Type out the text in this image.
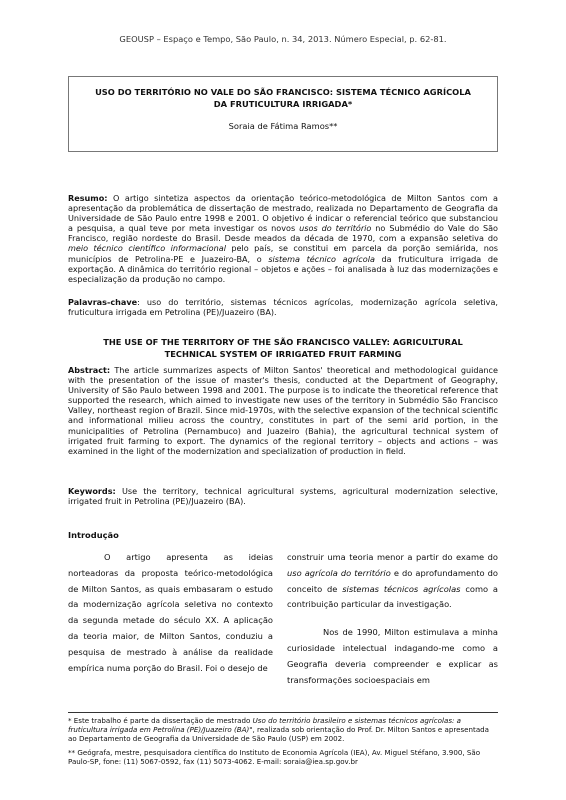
GEOUSP – Espaço e Tempo, São Paulo, n. 34, 2013. Número Especial, p. 62-81.
USO DO TERRITÓRIO NO VALE DO SÃO FRANCISCO: SISTEMA TÉCNICO AGRÍCOLA
DA FRUTICULTURA IRRIGADA*
Soraia de Fátima Ramos**
Resumo: O artigo sintetiza aspectos da orientação teórico-metodológica de Milton Santos com a apresentação da problemática de dissertação de mestrado, realizada no Departamento de Geografia da Universidade de São Paulo entre 1998 e 2001. O objetivo é indicar o referencial teórico que substanciou a pesquisa, a qual teve por meta investigar os novos usos do território no Submédio do Vale do São Francisco, região nordeste do Brasil. Desde meados da década de 1970, com a expansão seletiva do meio técnico científico informacional pelo país, se constitui em parcela da porção semiárida, nos municípios de Petrolina-PE e Juazeiro-BA, o sistema técnico agrícola da fruticultura irrigada de exportação. A dinâmica do território regional – objetos e ações – foi analisada à luz das modernizações e especialização da produção no campo.
Palavras-chave: uso do território, sistemas técnicos agrícolas, modernização agrícola seletiva, fruticultura irrigada em Petrolina (PE)/Juazeiro (BA).
THE USE OF THE TERRITORY OF THE SÃO FRANCISCO VALLEY: AGRICULTURAL
TECHNICAL SYSTEM OF IRRIGATED FRUIT FARMING
Abstract: The article summarizes aspects of Milton Santos' theoretical and methodological guidance with the presentation of the issue of master's thesis, conducted at the Department of Geography, University of São Paulo between 1998 and 2001. The purpose is to indicate the theoretical reference that supported the research, which aimed to investigate new uses of the territory in Submédio São Francisco Valley, northeast region of Brazil. Since mid-1970s, with the selective expansion of the technical scientific and informational milieu across the country, constitutes in part of the semi arid portion, in the municipalities of Petrolina (Pernambuco) and Juazeiro (Bahia), the agricultural technical system of irrigated fruit farming to export. The dynamics of the regional territory – objects and actions – was examined in the light of the modernization and specialization of production in field.
Keywords: Use the territory, technical agricultural systems, agricultural modernization selective, irrigated fruit in Petrolina (PE)/Juazeiro (BA).
Introdução

O artigo apresenta as ideias norteadoras da proposta teórico-metodológica de Milton Santos, as quais embasaram o estudo da modernização agrícola seletiva no contexto da segunda metade do século XX. A aplicação da teoria maior, de Milton Santos, conduziu a pesquisa de mestrado à análise da realidade empírica numa porção do Brasil. Foi o desejo de

construir uma teoria menor a partir do exame do uso agrícola do território e do aprofundamento do conceito de sistemas técnicos agrícolas como a contribuição particular da investigação.

Nos de 1990, Milton estimulava a minha curiosidade intelectual indagando-me como a Geografia deveria compreender e explicar as transformações socioespaciais em

* Este trabalho é parte da dissertação de mestrado Uso do território brasileiro e sistemas técnicos agrícolas: a fruticultura irrigada em Petrolina (PE)/Juazeiro (BA)", realizada sob orientação do Prof. Dr. Milton Santos e apresentada ao Departamento de Geografia da Universidade de São Paulo (USP) em 2002.
** Geógrafa, mestre, pesquisadora científica do Instituto de Economia Agrícola (IEA), Av. Miguel Stéfano, 3.900, São Paulo-SP, fone: (11) 5067-0592, fax (11) 5073-4062. E-mail: soraia@iea.sp.gov.br
